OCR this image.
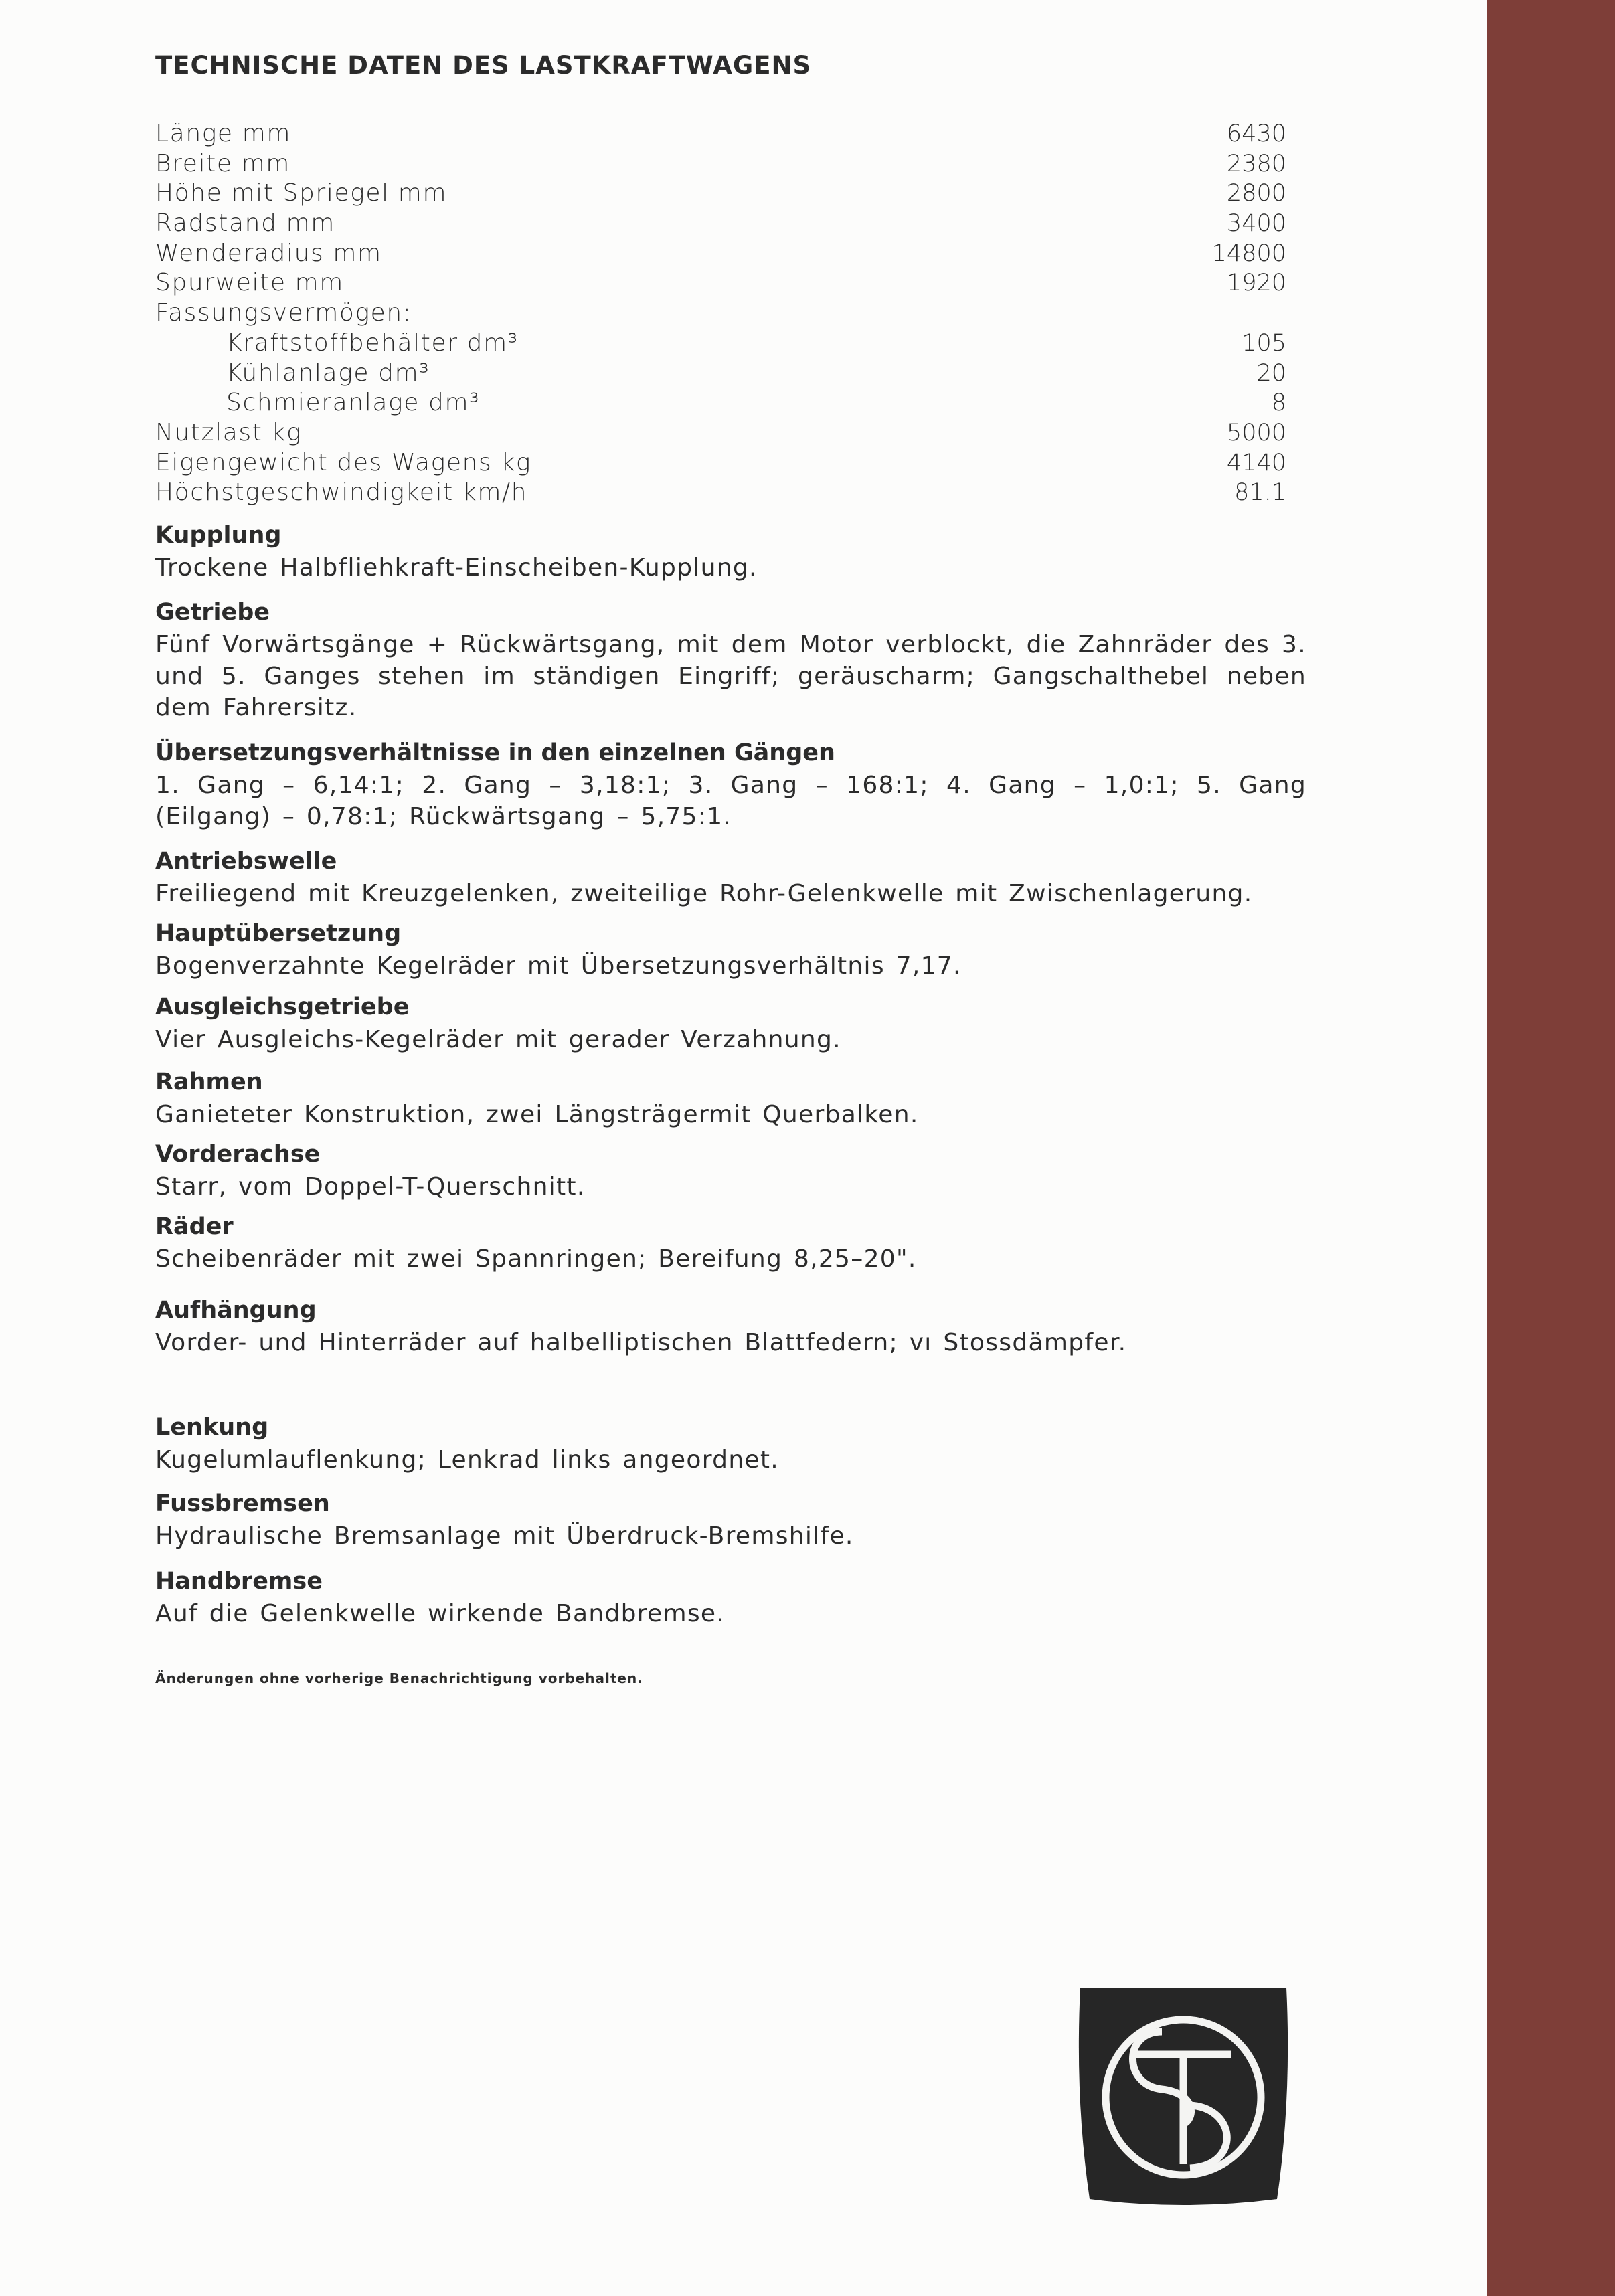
TECHNISCHE DATEN DES LASTKRAFTWAGENS
Länge mm	6430
Breite mm	2380
Höhe mit Spriegel mm	2800
Radstand mm	3400
Wenderadius mm	14800
Spurweite mm	1920
Fassungsvermögen:
Kraftstoffbehälter dm³	105
Kühlanlage dm³	20
Schmieranlage dm³	8
Nutzlast kg	5000
Eigengewicht des Wagens kg	4140
Höchstgeschwindigkeit km/h	81.1
Kupplung

Trockene Halbfliehkraft-Einscheiben-Kupplung.

Getriebe

Fünf Vorwärtsgänge + Rückwärtsgang, mit dem Motor verblockt, die Zahnräder des 3. und 5. Ganges stehen im ständigen Eingriff; geräuscharm; Gangschalthebel neben dem Fahrersitz.

Übersetzungsverhältnisse in den einzelnen Gängen

1. Gang – 6,14:1; 2. Gang – 3,18:1; 3. Gang – 168:1; 4. Gang – 1,0:1; 5. Gang (Eilgang) – 0,78:1; Rückwärtsgang – 5,75:1.

Antriebswelle

Freiliegend mit Kreuzgelenken, zweiteilige Rohr-Gelenkwelle mit Zwischenlagerung.

Hauptübersetzung

Bogenverzahnte Kegelräder mit Übersetzungsverhältnis 7,17.

Ausgleichsgetriebe

Vier Ausgleichs-Kegelräder mit gerader Verzahnung.

Rahmen

Ganieteter Konstruktion, zwei Längsträgermit Querbalken.

Vorderachse

Starr, vom Doppel-T-Querschnitt.

Räder

Scheibenräder mit zwei Spannringen; Bereifung 8,25–20".

Aufhängung

Vorder- und Hinterräder auf halbelliptischen Blattfedern; vı Stossdämpfer.

Lenkung

Kugelumlauflenkung; Lenkrad links angeordnet.

Fussbremsen

Hydraulische Bremsanlage mit Überdruck-Bremshilfe.

Handbremse

Auf die Gelenkwelle wirkende Bandbremse.

Änderungen ohne vorherige Benachrichtigung vorbehalten.
